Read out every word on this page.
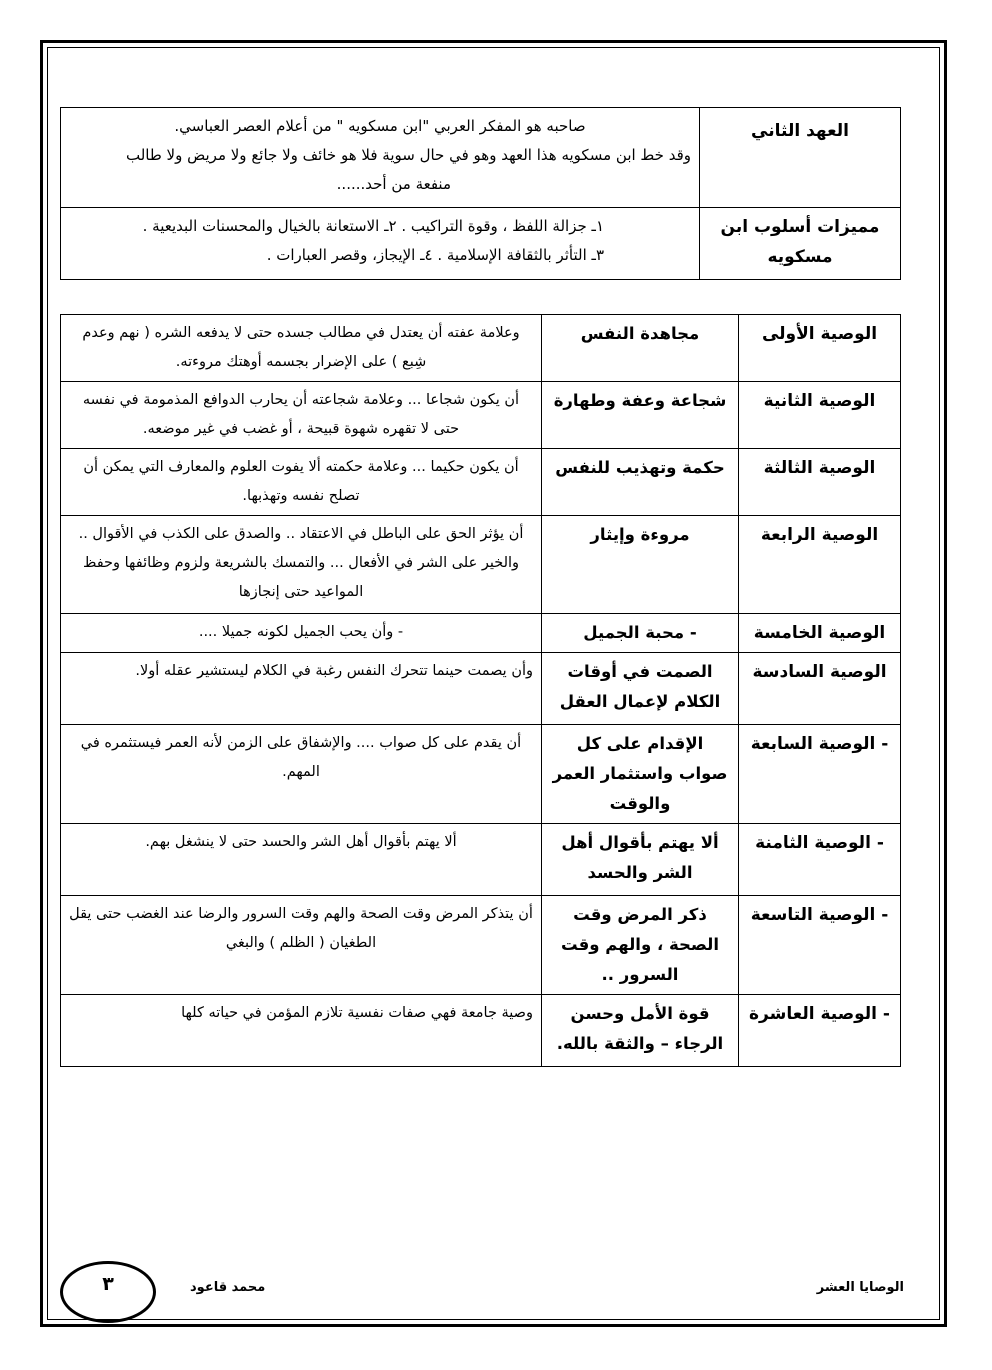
العهد الثاني	صاحبه هو المفكر العربي "ابن مسكويه " من أعلام العصر العباسي.
وقد خط ابن مسكويه هذا العهد وهو في حال سوية فلا هو خائف ولا جائع ولا مريض ولا طالب
منفعة من أحد......

مميزات أسلوب ابن مسكويه	١ـ جزالة اللفظ ، وقوة التراكيب . ٢ـ الاستعانة بالخيال والمحسنات البديعية .
٣ـ التأثر بالثقافة الإسلامية . ٤ـ الإيجاز، وقصر العبارات .
الوصية الأولى	مجاهدة النفس	وعلامة عفته أن يعتدل في مطالب جسده حتى لا يدفعه الشره ( نهم وعدم شِبع ) على الإضرار بجسمه أوهتك مروءته.
الوصية الثانية	شجاعة وعفة وطهارة	أن يكون شجاعا ... وعلامة شجاعته أن يحارب الدوافع المذمومة في نفسه حتى لا تقهره شهوة قبيحة ، أو غضب في غير موضعه.
الوصية الثالثة	حكمة وتهذيب للنفس	أن يكون حكيما ... وعلامة حكمته ألا يفوت العلوم والمعارف التي يمكن أن تصلح نفسه وتهذبها.
الوصية الرابعة	مروءة وإيثار	أن يؤثر الحق على الباطل في الاعتقاد .. والصدق على الكذب في الأقوال .. والخير على الشر في الأفعال ... والتمسك بالشريعة ولزوم وظائفها وحفظ المواعيد حتى إنجازها
الوصية الخامسة	- محبة الجميل	- وأن يحب الجميل لكونه جميلا ....
الوصية السادسة	الصمت في أوقات الكلام لإعمال العقل	وأن يصمت حينما تتحرك النفس رغبة في الكلام ليستشير عقله أولا.
- الوصية السابعة	الإقدام على كل صواب واستثمار العمر والوقت	أن يقدم على كل صواب .... والإشفاق على الزمن لأنه العمر فيستثمره في المهم.
- الوصية الثامنة	ألا يهتم بأقوال أهل الشر والحسد	ألا يهتم بأقوال أهل الشر والحسد حتى لا ينشغل بهم.
- الوصية التاسعة	ذكر المرض وقت الصحة ، والهم وقت السرور ..	أن يتذكر المرض وقت الصحة والهم وقت السرور والرضا عند الغضب حتى يقل الطغيان ( الظلم ) والبغي
- الوصية العاشرة	قوة الأمل وحسن الرجاء – والثقة بالله.	وصية جامعة فهي صفات نفسية تلازم المؤمن في حياته كلها
الوصايا العشر
محمد قاعود
٣
